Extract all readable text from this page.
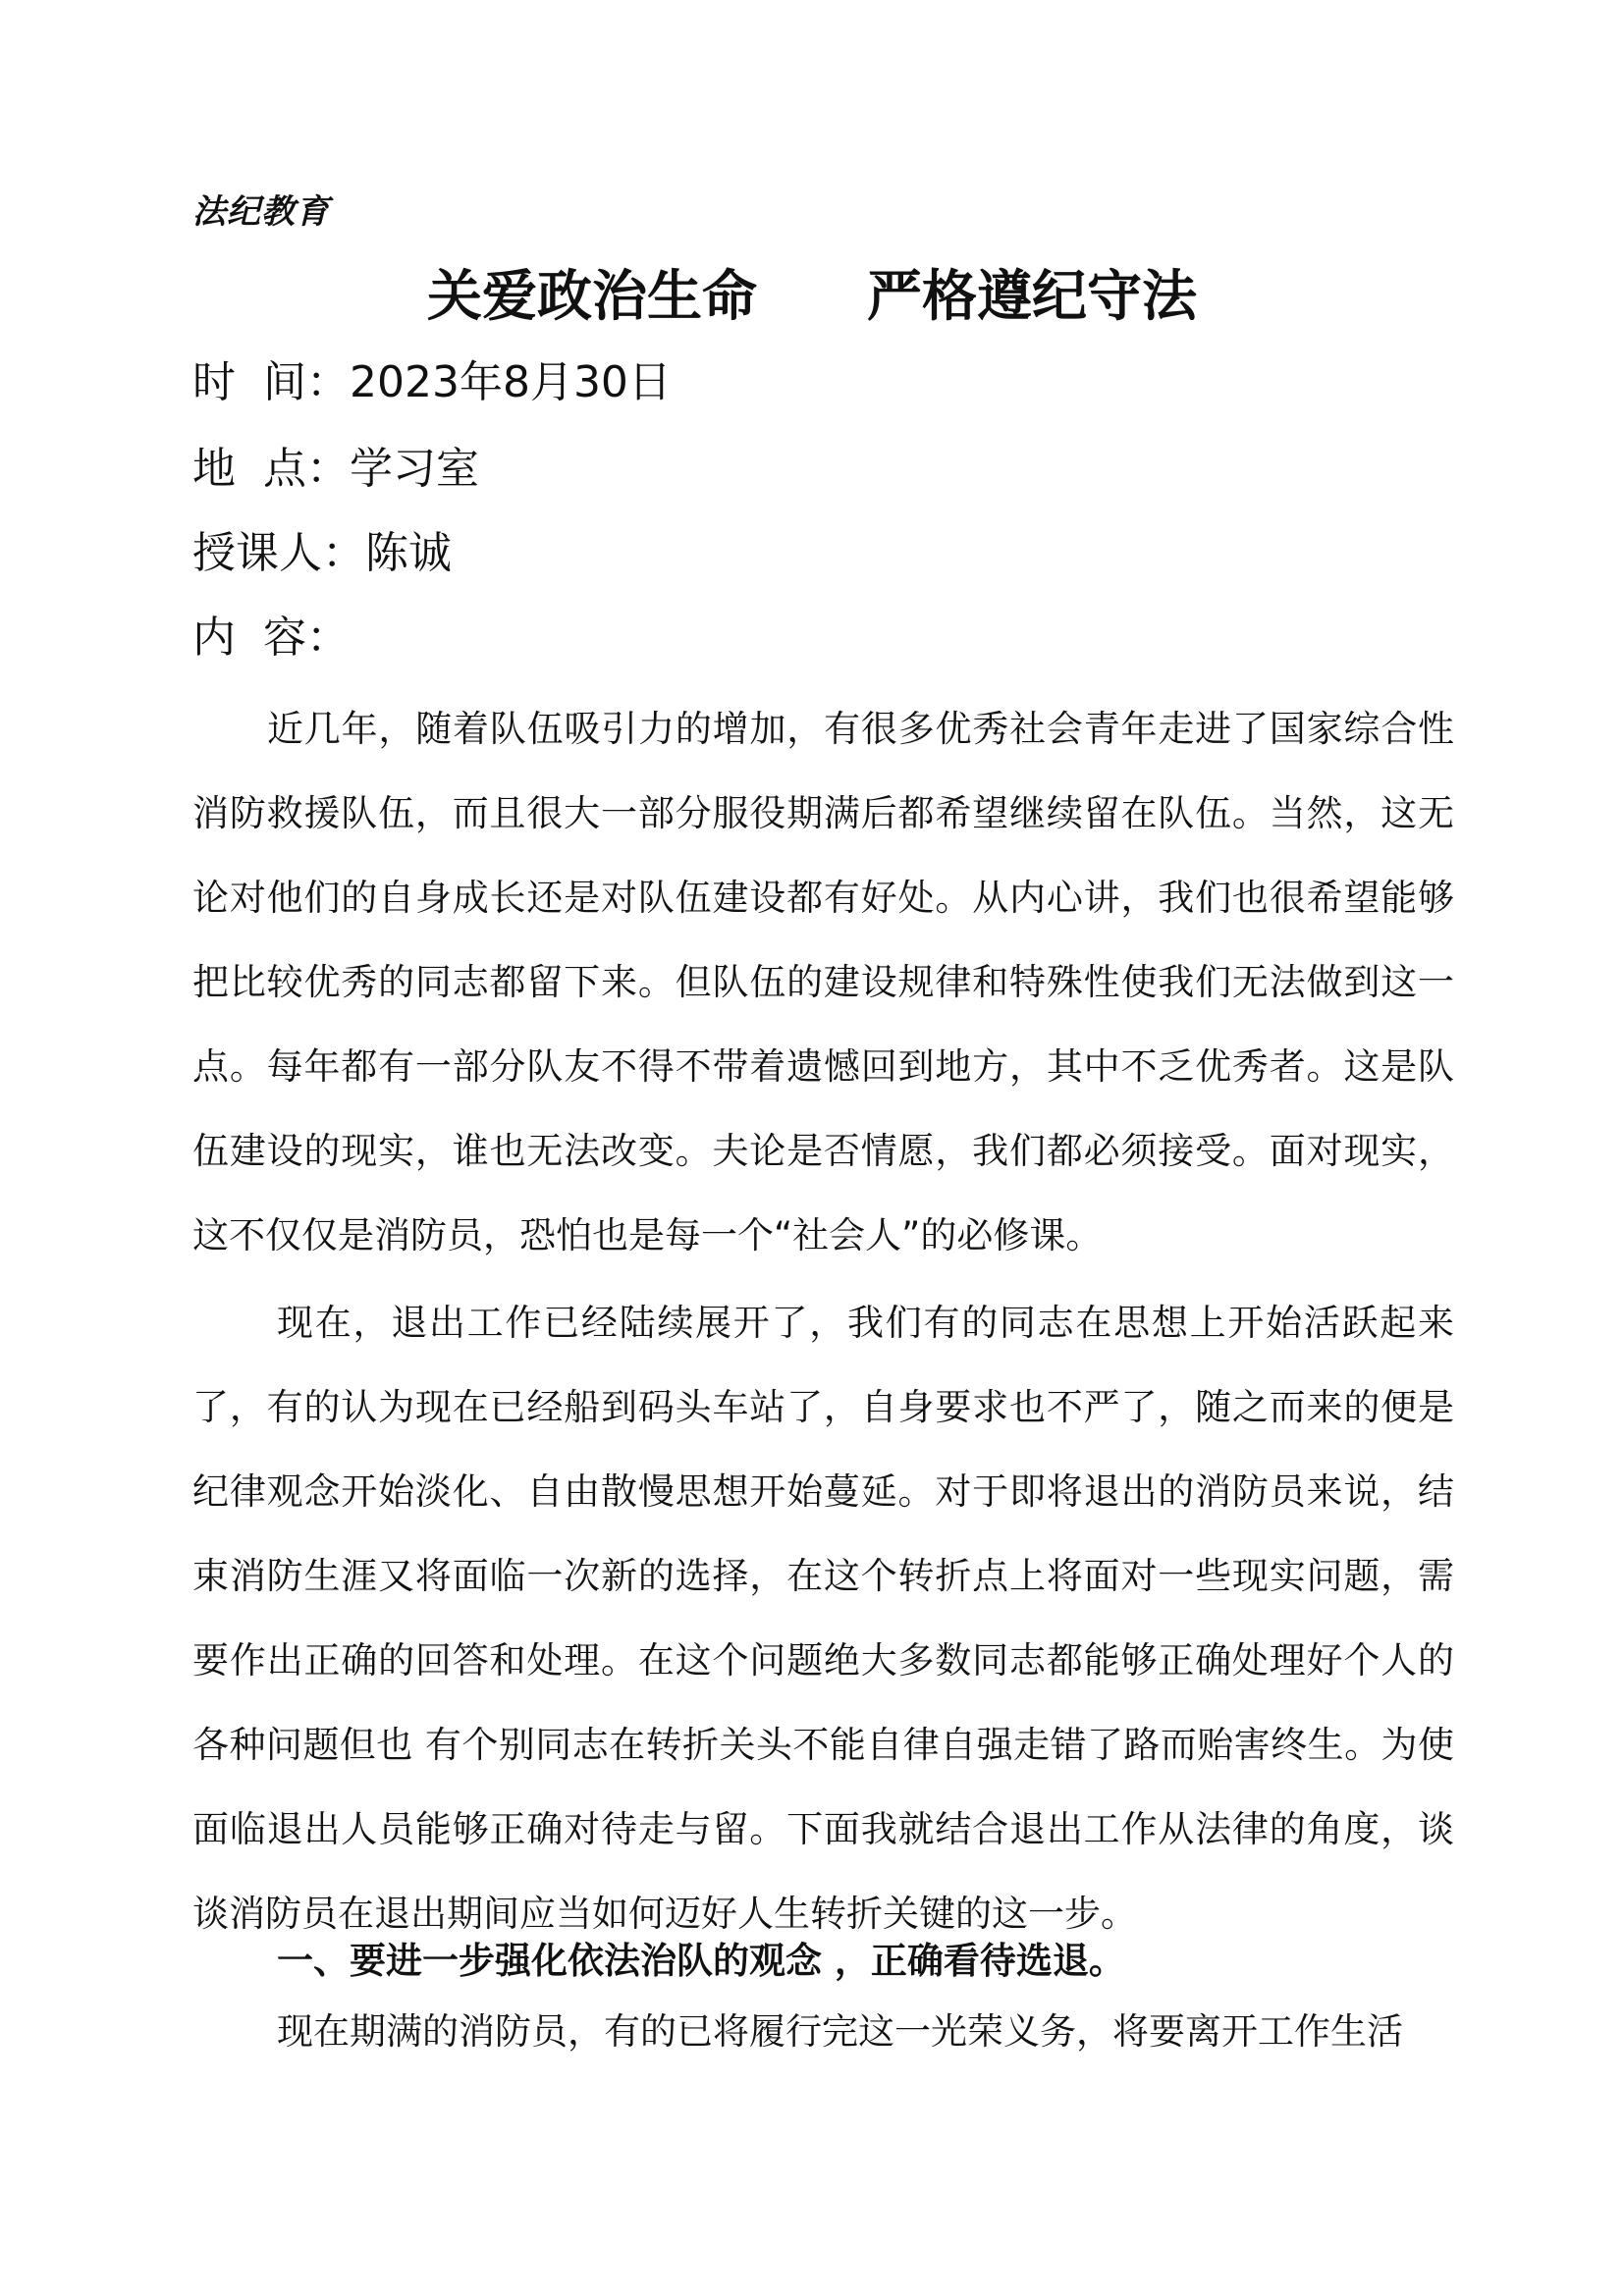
法纪教育
关爱政治生命　　严格遵纪守法
时  间：2023年8月30日
地  点：学习室
授课人：陈诚
内  容：

近几年，随着队伍吸引力的增加，有很多优秀社会青年走进了国家综合性消防救援队伍，而且很大一部分服役期满后都希望继续留在队伍。当然，这无论对他们的自身成长还是对队伍建设都有好处。从内心讲，我们也很希望能够把比较优秀的同志都留下来。但队伍的建设规律和特殊性使我们无法做到这一点。每年都有一部分队友不得不带着遗憾回到地方，其中不乏优秀者。这是队伍建设的现实，谁也无法改变。夫论是否情愿，我们都必须接受。面对现实，这不仅仅是消防员，恐怕也是每一个“社会人”的必修课。

现在，退出工作已经陆续展开了，我们有的同志在思想上开始活跃起来了，有的认为现在已经船到码头车站了，自身要求也不严了，随之而来的便是纪律观念开始淡化、自由散慢思想开始蔓延。对于即将退出的消防员来说，结束消防生涯又将面临一次新的选择，在这个转折点上将面对一些现实问题，需要作出正确的回答和处理。在这个问题绝大多数同志都能够正确处理好个人的各种问题但也 有个别同志在转折关头不能自律自强走错了路而贻害终生。为使面临退出人员能够正确对待走与留。下面我就结合退出工作从法律的角度，谈谈消防员在退出期间应当如何迈好人生转折关键的这一步。

一、要进一步强化依法治队的观念 ，正确看待选退。

现在期满的消防员，有的已将履行完这一光荣义务，将要离开工作生活
